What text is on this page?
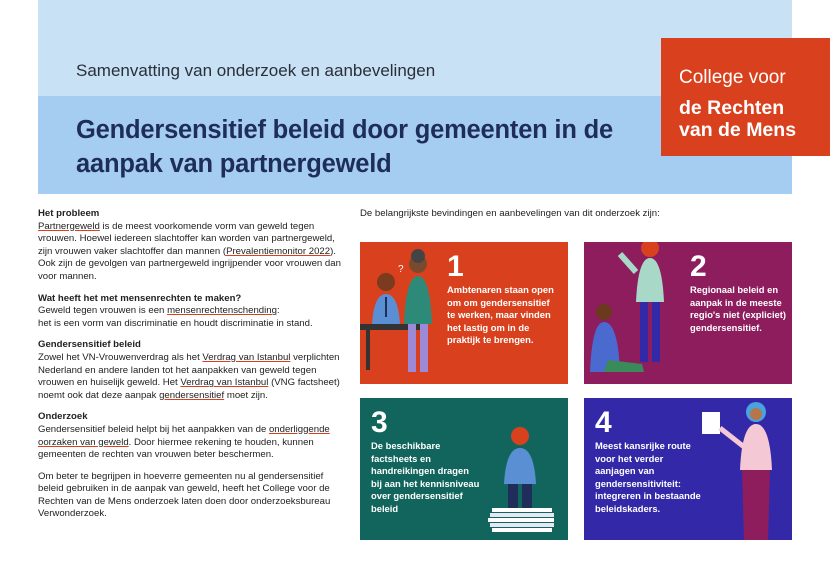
Samenvatting van onderzoek en aanbevelingen
Gendersensitief beleid door gemeenten in de aanpak van partnergeweld
College voor
de Rechten
van de Mens
Het probleem

Partnergeweld is de meest voorkomende vorm van geweld tegen vrouwen. Hoewel iedereen slachtoffer kan worden van partnergeweld, zijn vrouwen vaker slachtoffer dan mannen (Prevalentiemonitor 2022). Ook zijn de gevolgen van partnergeweld ingrijpender voor vrouwen dan voor mannen.

Wat heeft het met mensenrechten te maken?

Geweld tegen vrouwen is een mensenrechtenschending:
het is een vorm van discriminatie en houdt discriminatie in stand.

Gendersensitief beleid

Zowel het VN-Vrouwenverdrag als het Verdrag van Istanbul verplichten Nederland en andere landen tot het aanpakken van geweld tegen vrouwen en huiselijk geweld. Het Verdrag van Istanbul (VNG factsheet) noemt ook dat deze aanpak gendersensitief moet zijn.

Onderzoek

Gendersensitief beleid helpt bij het aanpakken van de onderliggende oorzaken van geweld. Door hiermee rekening te houden, kunnen gemeenten de rechten van vrouwen beter beschermen.

Om beter te begrijpen in hoeverre gemeenten nu al gendersensitief beleid gebruiken in de aanpak van geweld, heeft het College voor de Rechten van de Mens onderzoek laten doen door onderzoeksbureau Verwonderzoek.

De belangrijkste bevindingen en aanbevelingen van dit onderzoek zijn:
? 1
Ambtenaren staan open om om gendersensitief te werken, maar vinden het lastig om in de praktijk te brengen.
2
Regionaal beleid en aanpak in de meeste regio's niet (expliciet) gendersensitief.
3
De beschikbare factsheets en handreikingen dragen bij aan het kennisniveau over gendersensitief beleid
4
Meest kansrijke route voor het verder aanjagen van gendersensitiviteit: integreren in bestaande beleidskaders.
